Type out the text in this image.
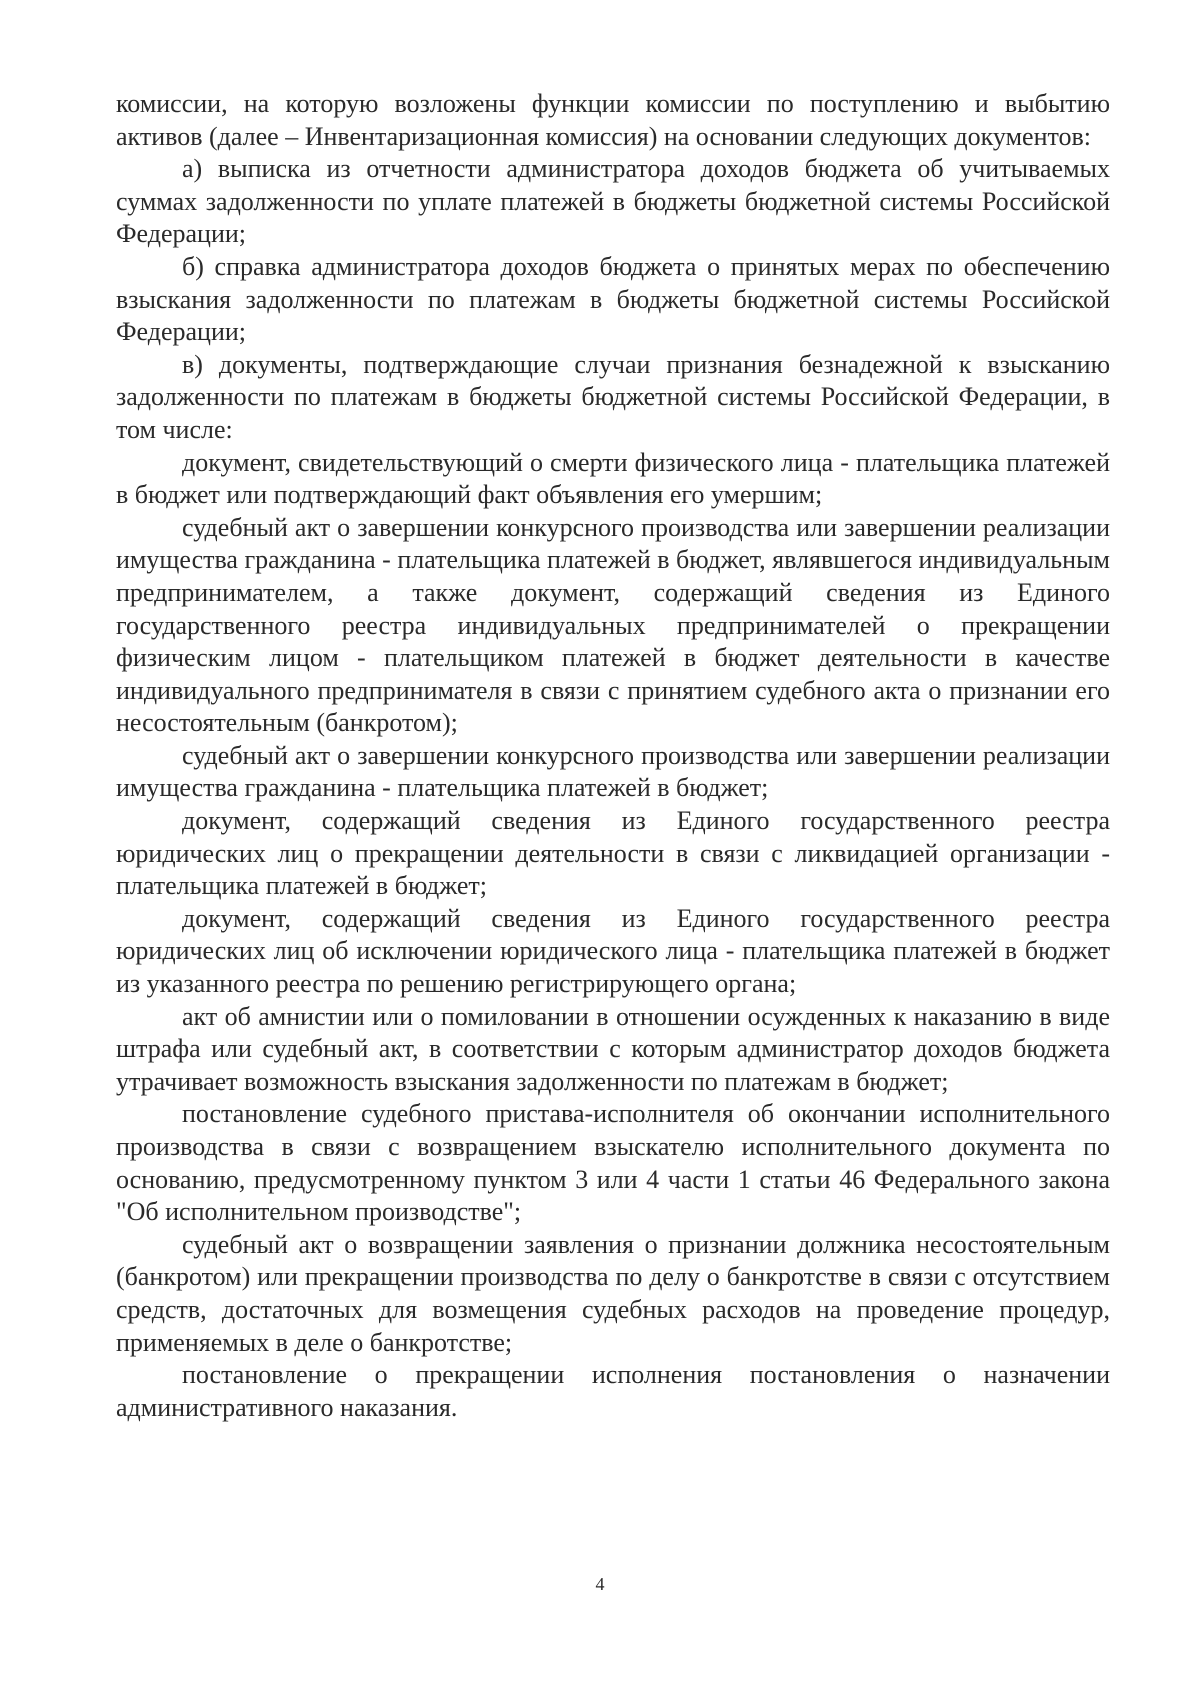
комиссии, на которую возложены функции комиссии по поступлению и выбытию активов (далее – Инвентаризационная комиссия) на основании следующих документов:

а) выписка из отчетности администратора доходов бюджета об учитываемых суммах задолженности по уплате платежей в бюджеты бюджетной системы Российской Федерации;

б) справка администратора доходов бюджета о принятых мерах по обеспечению взыскания задолженности по платежам в бюджеты бюджетной системы Российской Федерации;

в) документы, подтверждающие случаи признания безнадежной к взысканию задолженности по платежам в бюджеты бюджетной системы Российской Федерации, в том числе:

документ, свидетельствующий о смерти физического лица - плательщика платежей в бюджет или подтверждающий факт объявления его умершим;

судебный акт о завершении конкурсного производства или завершении реализации имущества гражданина - плательщика платежей в бюджет, являвшегося индивидуальным предпринимателем, а также документ, содержащий сведения из Единого государственного реестра индивидуальных предпринимателей о прекращении физическим лицом - плательщиком платежей в бюджет деятельности в качестве индивидуального предпринимателя в связи с принятием судебного акта о признании его несостоятельным (банкротом);

судебный акт о завершении конкурсного производства или завершении реализации имущества гражданина - плательщика платежей в бюджет;

документ, содержащий сведения из Единого государственного реестра юридических лиц о прекращении деятельности в связи с ликвидацией организации - плательщика платежей в бюджет;

документ, содержащий сведения из Единого государственного реестра юридических лиц об исключении юридического лица - плательщика платежей в бюджет из указанного реестра по решению регистрирующего органа;

акт об амнистии или о помиловании в отношении осужденных к наказанию в виде штрафа или судебный акт, в соответствии с которым администратор доходов бюджета утрачивает возможность взыскания задолженности по платежам в бюджет;

постановление судебного пристава-исполнителя об окончании исполнительного производства в связи с возвращением взыскателю исполнительного документа по основанию, предусмотренному пунктом 3 или 4 части 1 статьи 46 Федерального закона "Об исполнительном производстве";

судебный акт о возвращении заявления о признании должника несостоятельным (банкротом) или прекращении производства по делу о банкротстве в связи с отсутствием средств, достаточных для возмещения судебных расходов на проведение процедур, применяемых в деле о банкротстве;

постановление о прекращении исполнения постановления о назначении административного наказания.

4
